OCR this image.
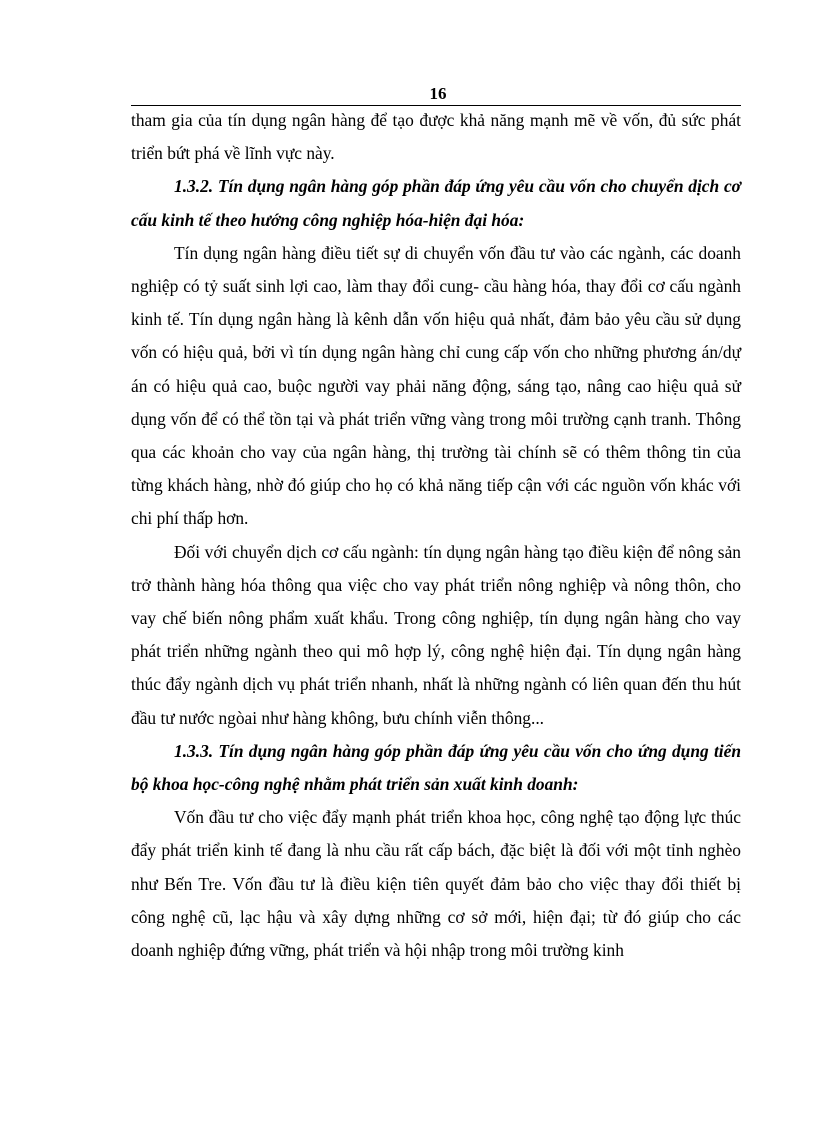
16

tham gia của tín dụng ngân hàng để tạo được khả năng mạnh mẽ về vốn, đủ sức phát triển bứt phá về lĩnh vực này.

1.3.2. Tín dụng ngân hàng góp phần đáp ứng yêu cầu vốn cho chuyển dịch cơ cấu kinh tế theo hướng công nghiệp hóa-hiện đại hóa:

Tín dụng ngân hàng điều tiết sự di chuyển vốn đầu tư vào các ngành, các doanh nghiệp có tỷ suất sinh lợi cao, làm thay đổi cung- cầu hàng hóa, thay đổi cơ cấu ngành kinh tế. Tín dụng ngân hàng là kênh dẫn vốn hiệu quả nhất, đảm bảo yêu cầu sử dụng vốn có hiệu quả, bởi vì tín dụng ngân hàng chỉ cung cấp vốn cho những phương án/dự án có hiệu quả cao, buộc người vay phải năng động, sáng tạo, nâng cao hiệu quả sử dụng vốn để có thể tồn tại và phát triển vững vàng trong môi trường cạnh tranh. Thông qua các khoản cho vay của ngân hàng, thị trường tài chính sẽ có thêm thông tin của từng khách hàng, nhờ đó giúp cho họ có khả năng tiếp cận với các nguồn vốn khác với chi phí thấp hơn.

Đối với chuyển dịch cơ cấu ngành: tín dụng ngân hàng tạo điều kiện để nông sản trở thành hàng hóa thông qua việc cho vay phát triển nông nghiệp và nông thôn, cho vay chế biến nông phẩm xuất khẩu. Trong công nghiệp, tín dụng ngân hàng cho vay phát triển những ngành theo qui mô hợp lý, công nghệ hiện đại. Tín dụng ngân hàng thúc đẩy ngành dịch vụ phát triển nhanh, nhất là những ngành có liên quan đến thu hút đầu tư nước ngòai như hàng không, bưu chính viễn thông...

1.3.3. Tín dụng ngân hàng góp phần đáp ứng yêu cầu vốn cho ứng dụng tiến bộ khoa học-công nghệ nhằm phát triển sản xuất kinh doanh:

Vốn đầu tư cho việc đẩy mạnh phát triển khoa học, công nghệ tạo động lực thúc đẩy phát triển kinh tế đang là nhu cầu rất cấp bách, đặc biệt là đối với một tỉnh nghèo như Bến Tre. Vốn đầu tư là điều kiện tiên quyết đảm bảo cho việc thay đổi thiết bị công nghệ cũ, lạc hậu và xây dựng những cơ sở mới, hiện đại; từ đó giúp cho các doanh nghiệp đứng vững, phát triển và hội nhập trong môi trường kinh
